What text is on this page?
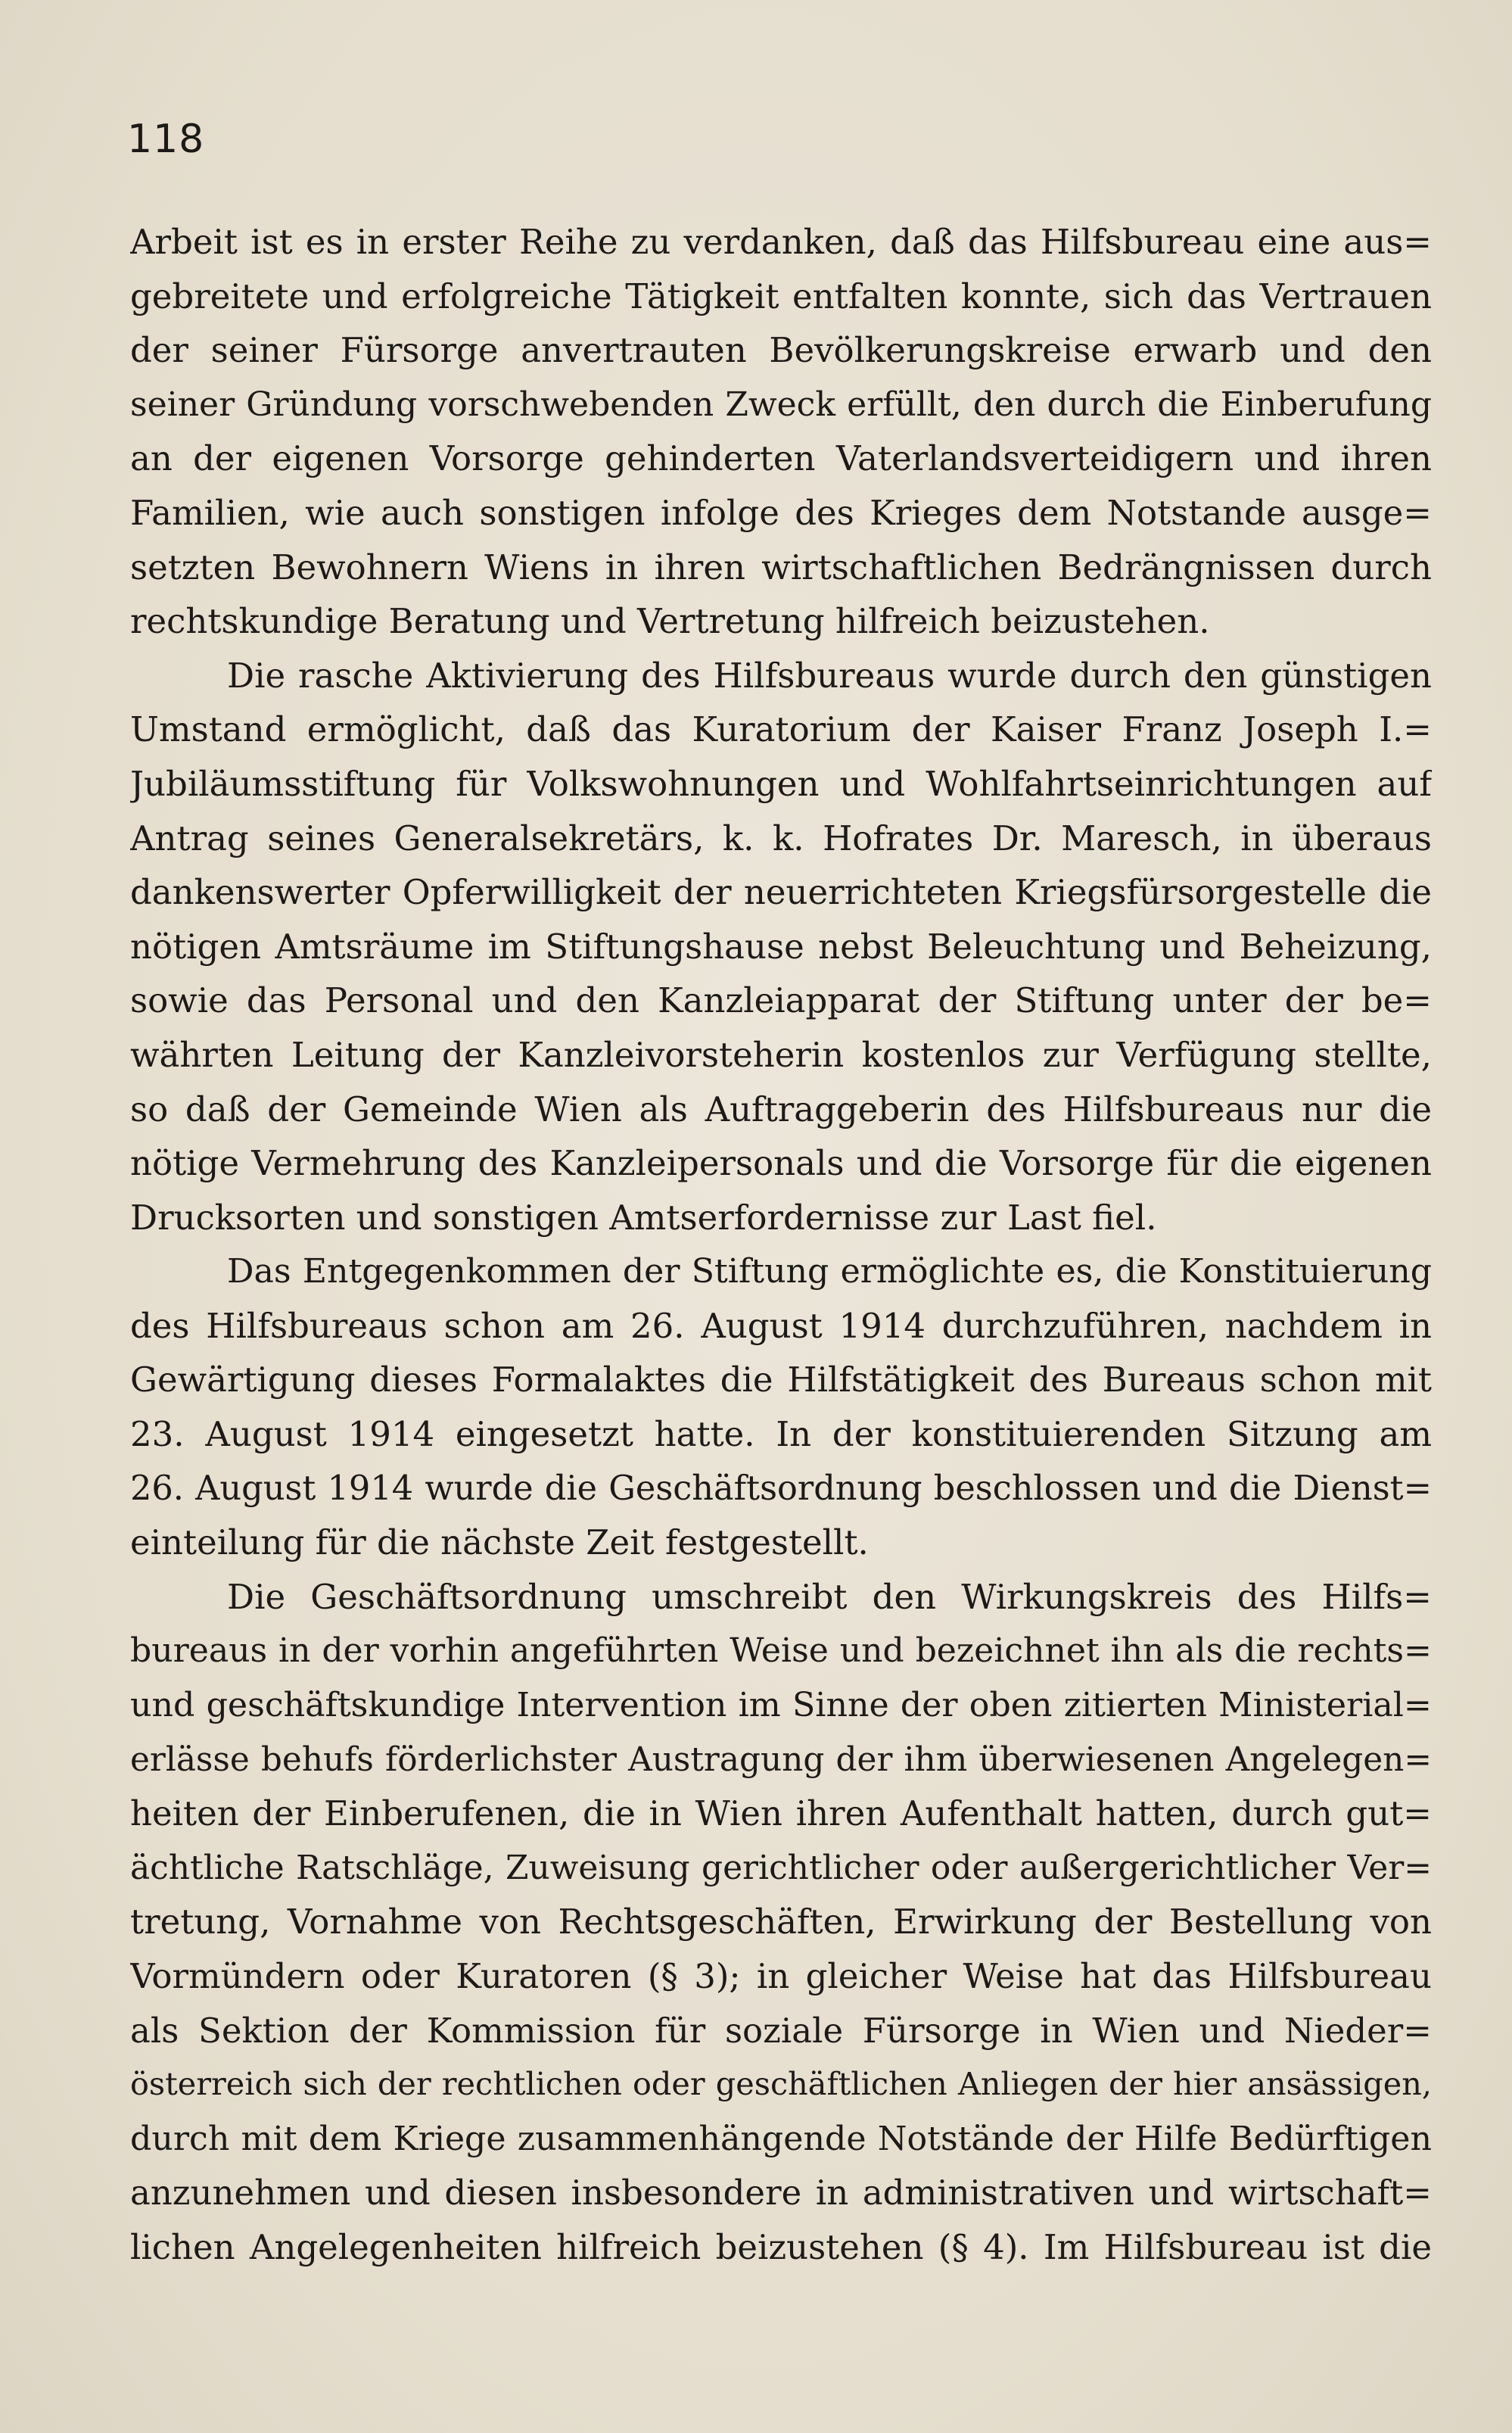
118
Arbeit ist es in erster Reihe zu verdanken, daß das Hilfsbureau eine aus=
gebreitete und erfolgreiche Tätigkeit entfalten konnte, sich das Vertrauen
der seiner Fürsorge anvertrauten Bevölkerungskreise erwarb und den
seiner Gründung vorschwebenden Zweck erfüllt, den durch die Einberufung
an der eigenen Vorsorge gehinderten Vaterlandsverteidigern und ihren
Familien, wie auch sonstigen infolge des Krieges dem Notstande ausge=
setzten Bewohnern Wiens in ihren wirtschaftlichen Bedrängnissen durch
rechtskundige Beratung und Vertretung hilfreich beizustehen.
Die rasche Aktivierung des Hilfsbureaus wurde durch den günstigen
Umstand ermöglicht, daß das Kuratorium der Kaiser Franz Joseph I.=
Jubiläumsstiftung für Volkswohnungen und Wohlfahrtseinrichtungen auf
Antrag seines Generalsekretärs, k. k. Hofrates Dr. Maresch, in überaus
dankenswerter Opferwilligkeit der neuerrichteten Kriegsfürsorgestelle die
nötigen Amtsräume im Stiftungshause nebst Beleuchtung und Beheizung,
sowie das Personal und den Kanzleiapparat der Stiftung unter der be=
währten Leitung der Kanzleivorsteherin kostenlos zur Verfügung stellte,
so daß der Gemeinde Wien als Auftraggeberin des Hilfsbureaus nur die
nötige Vermehrung des Kanzleipersonals und die Vorsorge für die eigenen
Drucksorten und sonstigen Amtserfordernisse zur Last fiel.
Das Entgegenkommen der Stiftung ermöglichte es, die Konstituierung
des Hilfsbureaus schon am 26. August 1914 durchzuführen, nachdem in
Gewärtigung dieses Formalaktes die Hilfstätigkeit des Bureaus schon mit
23. August 1914 eingesetzt hatte. In der konstituierenden Sitzung am
26. August 1914 wurde die Geschäftsordnung beschlossen und die Dienst=
einteilung für die nächste Zeit festgestellt.
Die Geschäftsordnung umschreibt den Wirkungskreis des Hilfs=
bureaus in der vorhin angeführten Weise und bezeichnet ihn als die rechts=
und geschäftskundige Intervention im Sinne der oben zitierten Ministerial=
erlässe behufs förderlichster Austragung der ihm überwiesenen Angelegen=
heiten der Einberufenen, die in Wien ihren Aufenthalt hatten, durch gut=
ächtliche Ratschläge, Zuweisung gerichtlicher oder außergerichtlicher Ver=
tretung, Vornahme von Rechtsgeschäften, Erwirkung der Bestellung von
Vormündern oder Kuratoren (§ 3); in gleicher Weise hat das Hilfsbureau
als Sektion der Kommission für soziale Fürsorge in Wien und Nieder=
österreich sich der rechtlichen oder geschäftlichen Anliegen der hier ansässigen,
durch mit dem Kriege zusammenhängende Notstände der Hilfe Bedürftigen
anzunehmen und diesen insbesondere in administrativen und wirtschaft=
lichen Angelegenheiten hilfreich beizustehen (§ 4). Im Hilfsbureau ist die
